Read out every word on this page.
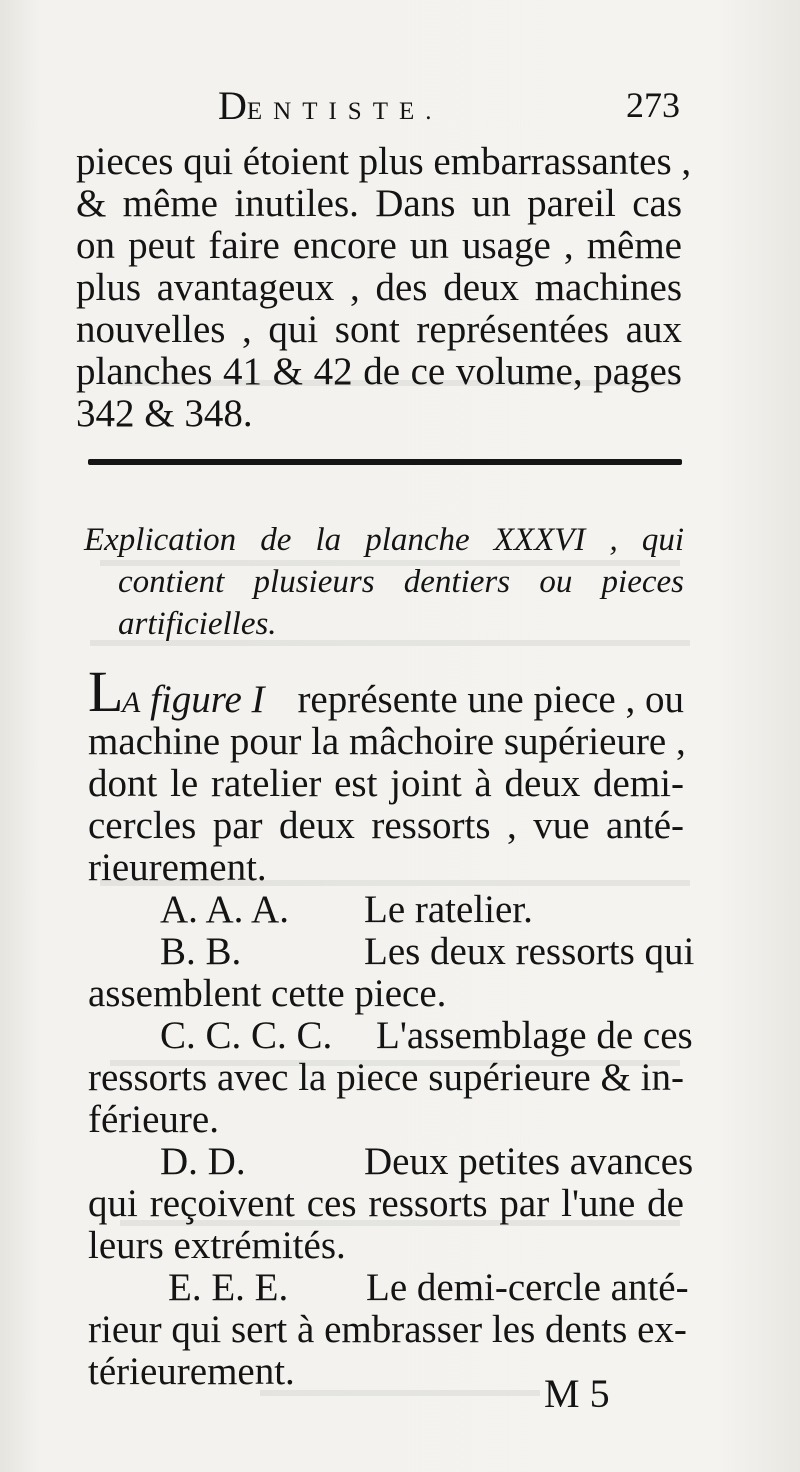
DENTISTE.	273
pieces qui étoient plus embarrassantes ,
& même inutiles. Dans un pareil cas
on peut faire encore un usage , même
plus avantageux , des deux machines
nouvelles , qui sont représentées aux
planches 41 & 42 de ce volume, pages
342 & 348.
Explication de la planche XXXVI , qui
contient plusieurs dentiers ou pieces
artificielles.
L
A figure I représente une piece , ou
machine pour la mâchoire supérieure ,
dont le ratelier est joint à deux demi-
cercles par deux ressorts , vue anté-
rieurement.
A. A. A. Le ratelier.
B. B.	Les deux ressorts qui
assemblent cette piece.
C. C. C. C. L'assemblage de ces
ressorts avec la piece supérieure & in-
férieure.
D. D.	Deux petites avances
qui reçoivent ces ressorts par l'une de
leurs extrémités.
E. E. E. Le demi-cercle anté-
rieur qui sert à embrasser les dents ex-
térieurement.	M 5
